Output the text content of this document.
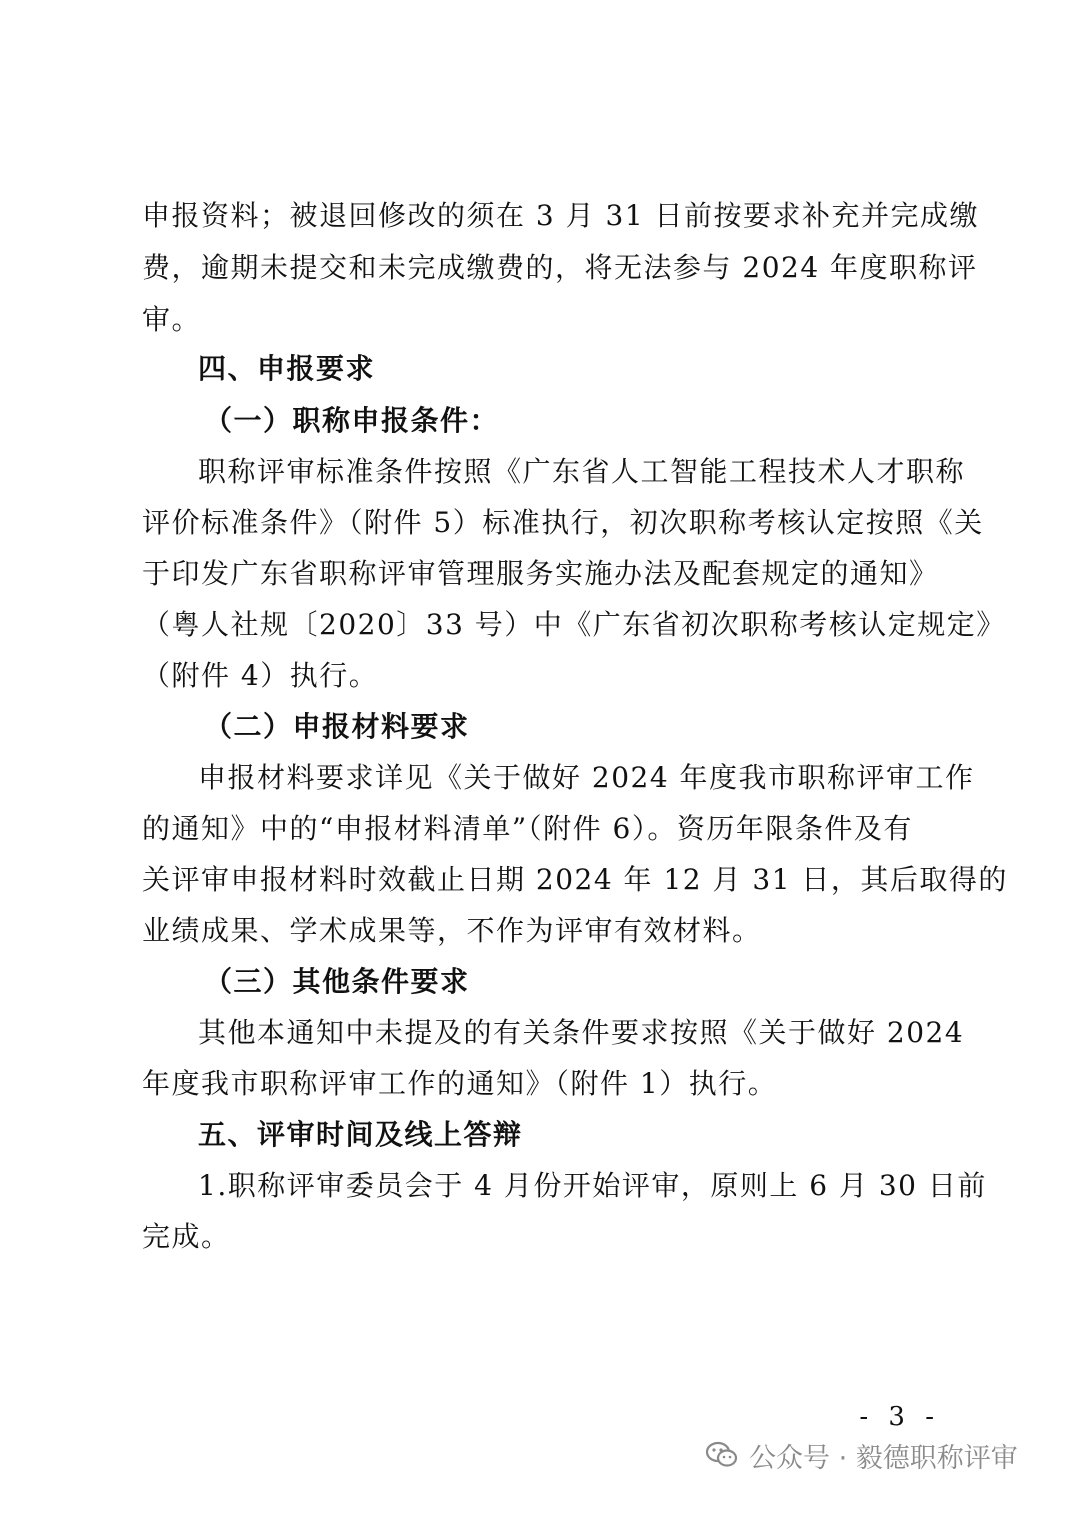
申报资料；被退回修改的须在 3 月 31 日前按要求补充并完成缴
费，逾期未提交和未完成缴费的，将无法参与 2024 年度职称评
审。
四、申报要求
（一）职称申报条件：
职称评审标准条件按照《广东省人工智能工程技术人才职称
评价标准条件》（附件 5）标准执行，初次职称考核认定按照《关
于印发广东省职称评审管理服务实施办法及配套规定的通知》
（粤人社规〔2020〕33 号）中《广东省初次职称考核认定规定》
（附件 4）执行。
（二）申报材料要求
申报材料要求详见《关于做好 2024 年度我市职称评审工作
的通知》中的“申报材料清单”（附件 6）。资历年限条件及有
关评审申报材料时效截止日期 2024 年 12 月 31 日，其后取得的
业绩成果、学术成果等，不作为评审有效材料。
（三）其他条件要求
其他本通知中未提及的有关条件要求按照《关于做好 2024
年度我市职称评审工作的通知》（附件 1）执行。
五、评审时间及线上答辩
1.职称评审委员会于 4 月份开始评审，原则上 6 月 30 日前
完成。
- 3 -
公众号 · 毅德职称评审
